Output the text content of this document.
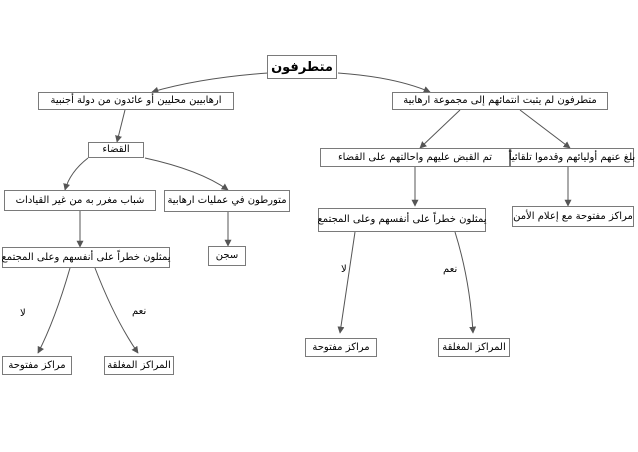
متطرفون
ارهابيين محليين أو عائدون من دولة أجنبية
القضاء
شباب مغرر به من غير القيادات	متورطون في عمليات ارهابية
يمثلون خطراً على أنفسهم وعلى المجتمع	سجن
لا	نعم
مراكز مفتوحة	المراكز المغلقة
متطرفون لم يثبت انتمائهم إلى مجموعة ارهابية
تم القبض عليهم واحالتهم على القضاء	بلغ عنهم أوليائهم وقدموا تلقائياً
يمثلون خطراً على أنفسهم وعلى المجتمع	مراكز مفتوحة مع إعلام الأمن
لا	نعم
مراكز مفتوحة	المراكز المغلقة
